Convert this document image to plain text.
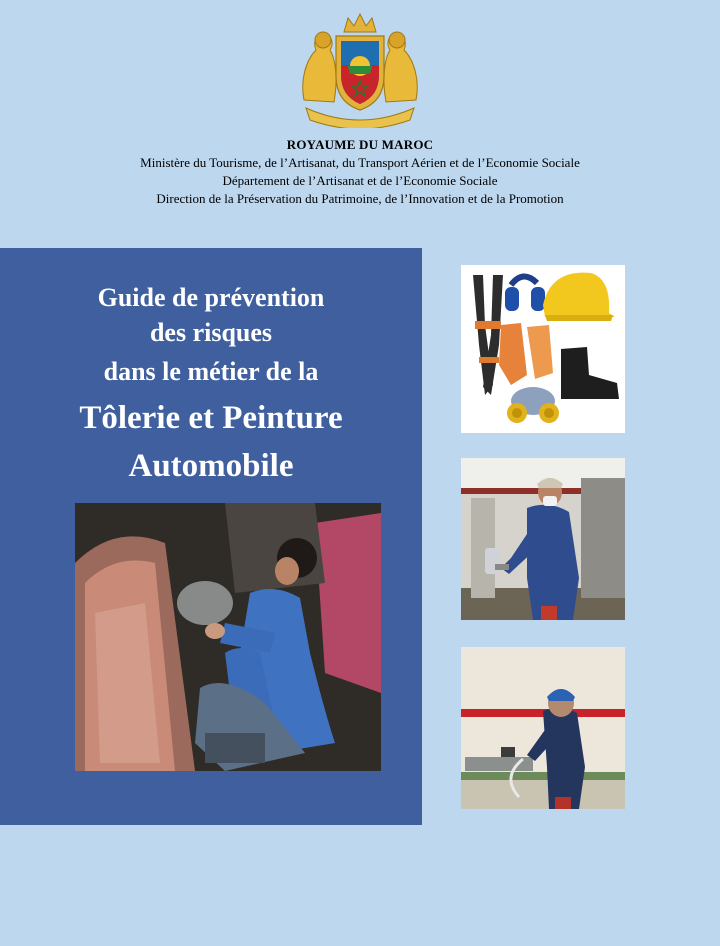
ROYAUME DU MAROC
Ministère du Tourisme, de l’Artisanat, du Transport Aérien et de l’Economie Sociale
Département de l’Artisanat et de l’Economie Sociale
Direction de la Préservation du Patrimoine, de l’Innovation et de la Promotion
Guide de prévention
des risques
dans le métier de la
Tôlerie et Peinture
Automobile
